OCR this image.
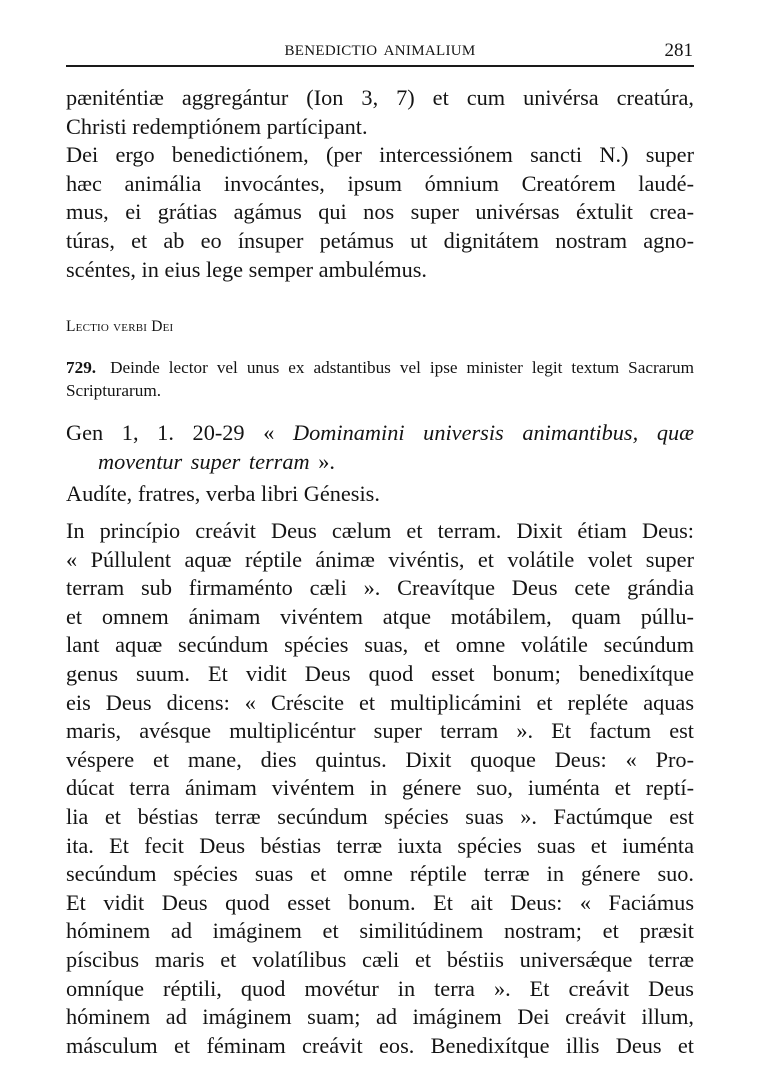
BENEDICTIO ANIMALIUM	281
pæniténtiæ aggregántur (Ion 3, 7) et cum univérsa creatúra,
Christi redemptiónem partícipant.
Dei ergo benedictiónem, (per intercessiónem sancti N.) super
hæc animália invocántes, ipsum ómnium Creatórem laudé-
mus, ei grátias agámus qui nos super univérsas éxtulit crea-
túras, et ab eo ínsuper petámus ut dignitátem nostram agno-
scéntes, in eius lege semper ambulémus.
Lectio verbi Dei
729. Deinde lector vel unus ex adstantibus vel ipse minister legit textum Sacrarum Scripturarum.
Gen 1, 1. 20-29 « Dominamini universis animantibus, quæ
moventur super terram ».
Audíte, fratres, verba libri Génesis.
In princípio creávit Deus cælum et terram. Dixit étiam Deus:
« Púllulent aquæ réptile ánimæ vivéntis, et volátile volet super
terram sub firmaménto cæli ». Creavítque Deus cete grándia
et omnem ánimam vivéntem atque motábilem, quam púllu-
lant aquæ secúndum spécies suas, et omne volátile secúndum
genus suum. Et vidit Deus quod esset bonum; benedixítque
eis Deus dicens: « Créscite et multiplicámini et repléte aquas
maris, avésque multiplicéntur super terram ». Et factum est
véspere et mane, dies quintus. Dixit quoque Deus: « Pro-
dúcat terra ánimam vivéntem in génere suo, iuménta et reptí-
lia et béstias terræ secúndum spécies suas ». Factúmque est
ita. Et fecit Deus béstias terræ iuxta spécies suas et iuménta
secúndum spécies suas et omne réptile terræ in génere suo.
Et vidit Deus quod esset bonum. Et ait Deus: « Faciámus
hóminem ad imáginem et similitúdinem nostram; et præsit
píscibus maris et volatílibus cæli et béstiis universǽque terræ
omníque réptili, quod movétur in terra ». Et creávit Deus
hóminem ad imáginem suam; ad imáginem Dei creávit illum,
másculum et féminam creávit eos. Benedixítque illis Deus et
